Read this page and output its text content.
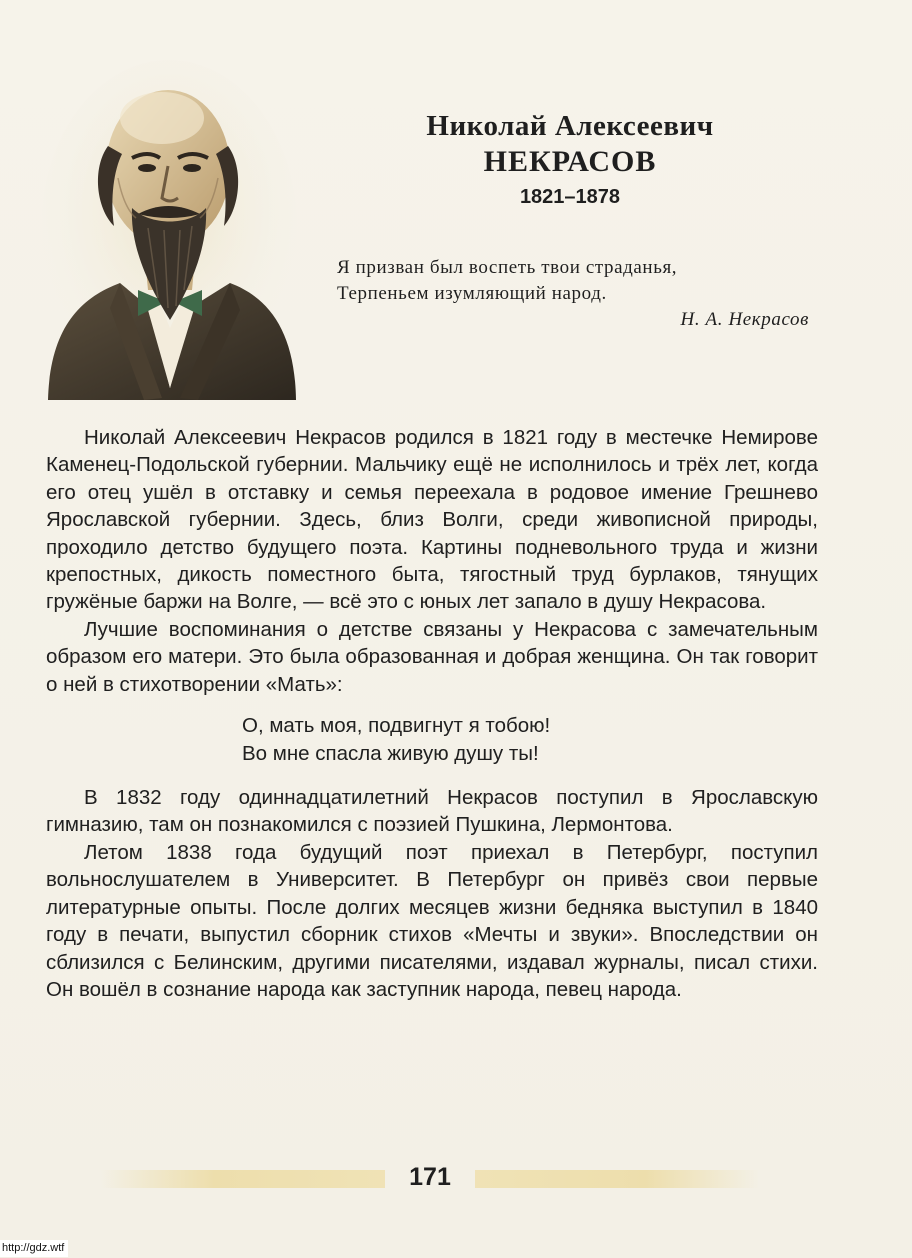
Николай Алексеевич
НЕКРАСОВ
1821–1878
Я призван был воспеть твои страданья,
Терпеньем изумляющий народ.
Н. А. Некрасов

Николай Алексеевич Некрасов родился в 1821 году в местечке Немирове Каменец-Подольской губернии. Мальчику ещё не исполнилось и трёх лет, когда его отец ушёл в отставку и семья переехала в родовое имение Грешнево Ярославской губернии. Здесь, близ Волги, среди живописной природы, проходило детство будущего поэта. Картины подневольного труда и жизни крепостных, дикость поместного быта, тягостный труд бурлаков, тянущих гружёные баржи на Волге, — всё это с юных лет запало в душу Некрасова.

Лучшие воспоминания о детстве связаны у Некрасова с замечательным образом его матери. Это была образованная и добрая женщина. Он так говорит о ней в стихотворении «Мать»:

О, мать моя, подвигнут я тобою!
Во мне спасла живую душу ты!

В 1832 году одиннадцатилетний Некрасов поступил в Ярославскую гимназию, там он познакомился с поэзией Пушкина, Лермонтова.

Летом 1838 года будущий поэт приехал в Петербург, поступил вольнослушателем в Университет. В Петербург он привёз свои первые литературные опыты. После долгих месяцев жизни бедняка выступил в 1840 году в печати, выпустил сборник стихов «Мечты и звуки». Впоследствии он сблизился с Белинским, другими писателями, издавал журналы, писал стихи. Он вошёл в сознание народа как заступник народа, певец народа.

171
http://gdz.wtf
